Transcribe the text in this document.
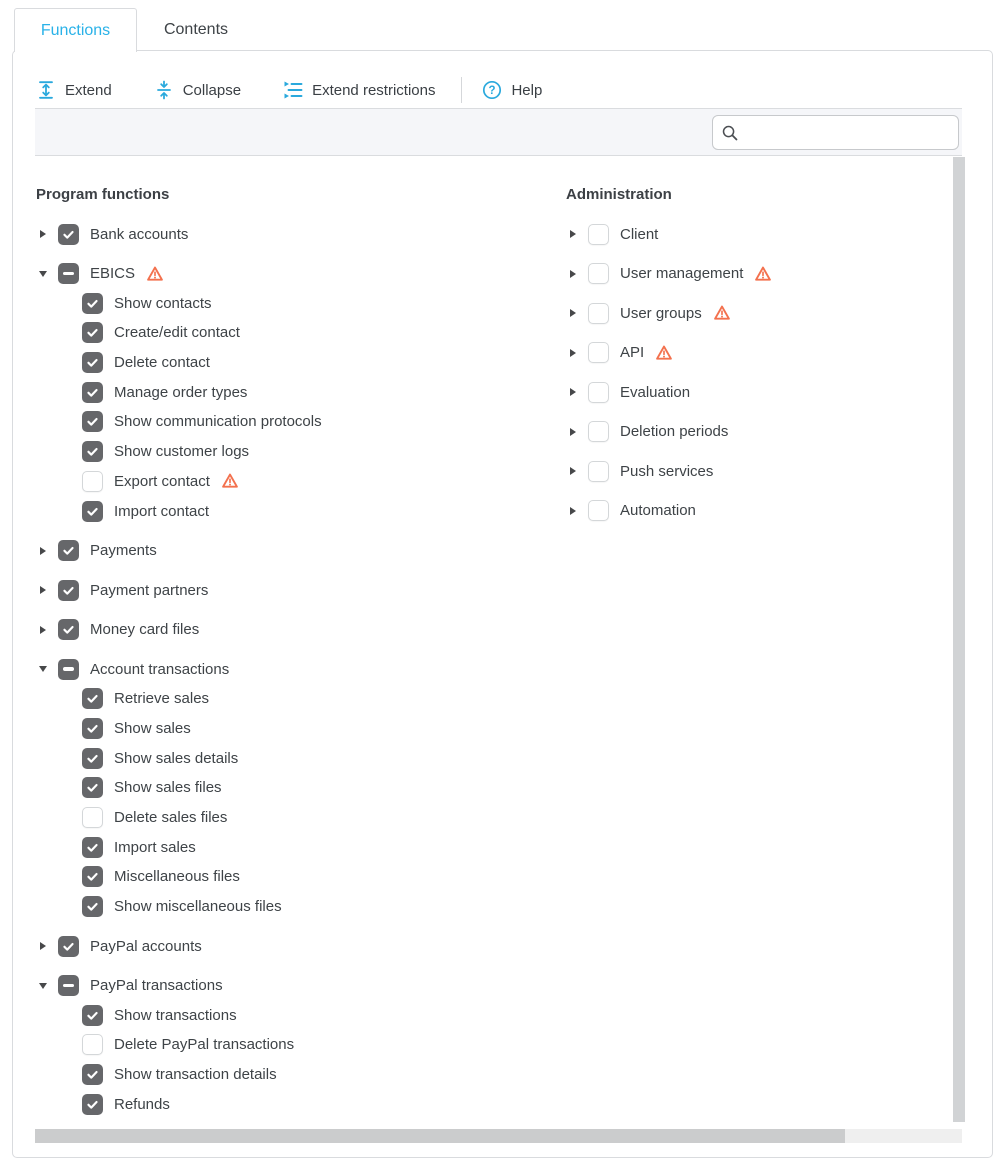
Functions	Contents
Extend	Collapse	Extend restrictions	? Help
Program functions
Bank accounts
EBICS
Show contacts
Create/edit contact
Delete contact
Manage order types
Show communication protocols
Show customer logs
Export contact
Import contact
Payments
Payment partners
Money card files
Account transactions
Retrieve sales
Show sales
Show sales details
Show sales files
Delete sales files
Import sales
Miscellaneous files
Show miscellaneous files
PayPal accounts
PayPal transactions
Show transactions
Delete PayPal transactions
Show transaction details
Refunds
Administration
Client
User management
User groups
API
Evaluation
Deletion periods
Push services
Automation
